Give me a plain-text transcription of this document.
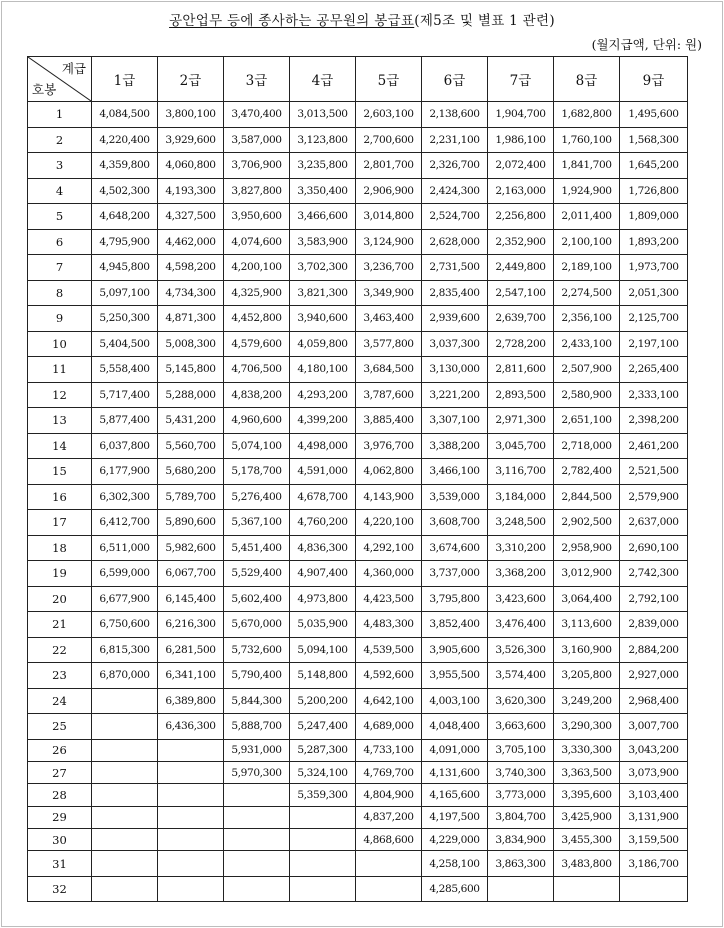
공안업무 등에 종사하는 공무원의 봉급표(제5조 및 별표 1 관련)
(월지급액, 단위: 원)
계급
호봉	1급	2급	3급	4급	5급	6급	7급	8급	9급
1	4,084,500	3,800,100	3,470,400	3,013,500	2,603,100	2,138,600	1,904,700	1,682,800	1,495,600
2	4,220,400	3,929,600	3,587,000	3,123,800	2,700,600	2,231,100	1,986,100	1,760,100	1,568,300
3	4,359,800	4,060,800	3,706,900	3,235,800	2,801,700	2,326,700	2,072,400	1,841,700	1,645,200
4	4,502,300	4,193,300	3,827,800	3,350,400	2,906,900	2,424,300	2,163,000	1,924,900	1,726,800
5	4,648,200	4,327,500	3,950,600	3,466,600	3,014,800	2,524,700	2,256,800	2,011,400	1,809,000
6	4,795,900	4,462,000	4,074,600	3,583,900	3,124,900	2,628,000	2,352,900	2,100,100	1,893,200
7	4,945,800	4,598,200	4,200,100	3,702,300	3,236,700	2,731,500	2,449,800	2,189,100	1,973,700
8	5,097,100	4,734,300	4,325,900	3,821,300	3,349,900	2,835,400	2,547,100	2,274,500	2,051,300
9	5,250,300	4,871,300	4,452,800	3,940,600	3,463,400	2,939,600	2,639,700	2,356,100	2,125,700
10	5,404,500	5,008,300	4,579,600	4,059,800	3,577,800	3,037,300	2,728,200	2,433,100	2,197,100
11	5,558,400	5,145,800	4,706,500	4,180,100	3,684,500	3,130,000	2,811,600	2,507,900	2,265,400
12	5,717,400	5,288,000	4,838,200	4,293,200	3,787,600	3,221,200	2,893,500	2,580,900	2,333,100
13	5,877,400	5,431,200	4,960,600	4,399,200	3,885,400	3,307,100	2,971,300	2,651,100	2,398,200
14	6,037,800	5,560,700	5,074,100	4,498,000	3,976,700	3,388,200	3,045,700	2,718,000	2,461,200
15	6,177,900	5,680,200	5,178,700	4,591,000	4,062,800	3,466,100	3,116,700	2,782,400	2,521,500
16	6,302,300	5,789,700	5,276,400	4,678,700	4,143,900	3,539,000	3,184,000	2,844,500	2,579,900
17	6,412,700	5,890,600	5,367,100	4,760,200	4,220,100	3,608,700	3,248,500	2,902,500	2,637,000
18	6,511,000	5,982,600	5,451,400	4,836,300	4,292,100	3,674,600	3,310,200	2,958,900	2,690,100
19	6,599,000	6,067,700	5,529,400	4,907,400	4,360,000	3,737,000	3,368,200	3,012,900	2,742,300
20	6,677,900	6,145,400	5,602,400	4,973,800	4,423,500	3,795,800	3,423,600	3,064,400	2,792,100
21	6,750,600	6,216,300	5,670,000	5,035,900	4,483,300	3,852,400	3,476,400	3,113,600	2,839,000
22	6,815,300	6,281,500	5,732,600	5,094,100	4,539,500	3,905,600	3,526,300	3,160,900	2,884,200
23	6,870,000	6,341,100	5,790,400	5,148,800	4,592,600	3,955,500	3,574,400	3,205,800	2,927,000
24		6,389,800	5,844,300	5,200,200	4,642,100	4,003,100	3,620,300	3,249,200	2,968,400
25		6,436,300	5,888,700	5,247,400	4,689,000	4,048,400	3,663,600	3,290,300	3,007,700
26			5,931,000	5,287,300	4,733,100	4,091,000	3,705,100	3,330,300	3,043,200
27			5,970,300	5,324,100	4,769,700	4,131,600	3,740,300	3,363,500	3,073,900
28				5,359,300	4,804,900	4,165,600	3,773,000	3,395,600	3,103,400
29					4,837,200	4,197,500	3,804,700	3,425,900	3,131,900
30					4,868,600	4,229,000	3,834,900	3,455,300	3,159,500
31						4,258,100	3,863,300	3,483,800	3,186,700
32						4,285,600			
